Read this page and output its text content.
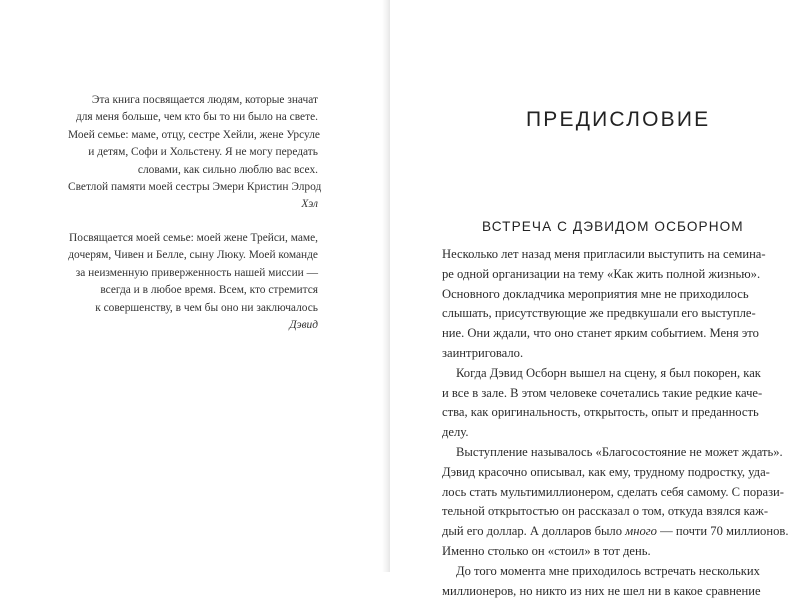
Эта книга посвящается людям, которые значат

для меня больше, чем кто бы то ни было на свете.

Моей семье: маме, отцу, сестре Хейли, жене Урсуле

и детям, Софи и Хольстену. Я не могу передать

словами, как сильно люблю вас всех.

Светлой памяти моей сестры Эмери Кристин Элрод

Хэл

Посвящается моей семье: моей жене Трейси, маме,

дочерям, Чивен и Белле, сыну Люку. Моей команде

за неизменную приверженность нашей миссии —

всегда и в любое время. Всем, кто стремится

к совершенству, в чем бы оно ни заключалось

Дэвид

ПРЕДИСЛОВИЕ
ВСТРЕЧА С ДЭВИДОМ ОСБОРНОМ
Несколько лет назад меня пригласили выступить на семина-
ре одной организации на тему «Как жить полной жизнью».
Основного докладчика мероприятия мне не приходилось
слышать, присутствующие же предвкушали его выступле-
ние. Они ждали, что оно станет ярким событием. Меня это
заинтриговало.
Когда Дэвид Осборн вышел на сцену, я был покорен, как
и все в зале. В этом человеке сочетались такие редкие каче-
ства, как оригинальность, открытость, опыт и преданность
делу.
Выступление называлось «Благосостояние не может ждать».
Дэвид красочно описывал, как ему, трудному подростку, уда-
лось стать мультимиллионером, сделать себя самому. С порази-
тельной открытостью он рассказал о том, откуда взялся каж-
дый его доллар. А долларов было много — почти 70 миллионов.
Именно столько он «стоил» в тот день.
До того момента мне приходилось встречать нескольких
миллионеров, но никто из них не шел ни в какое сравнение
